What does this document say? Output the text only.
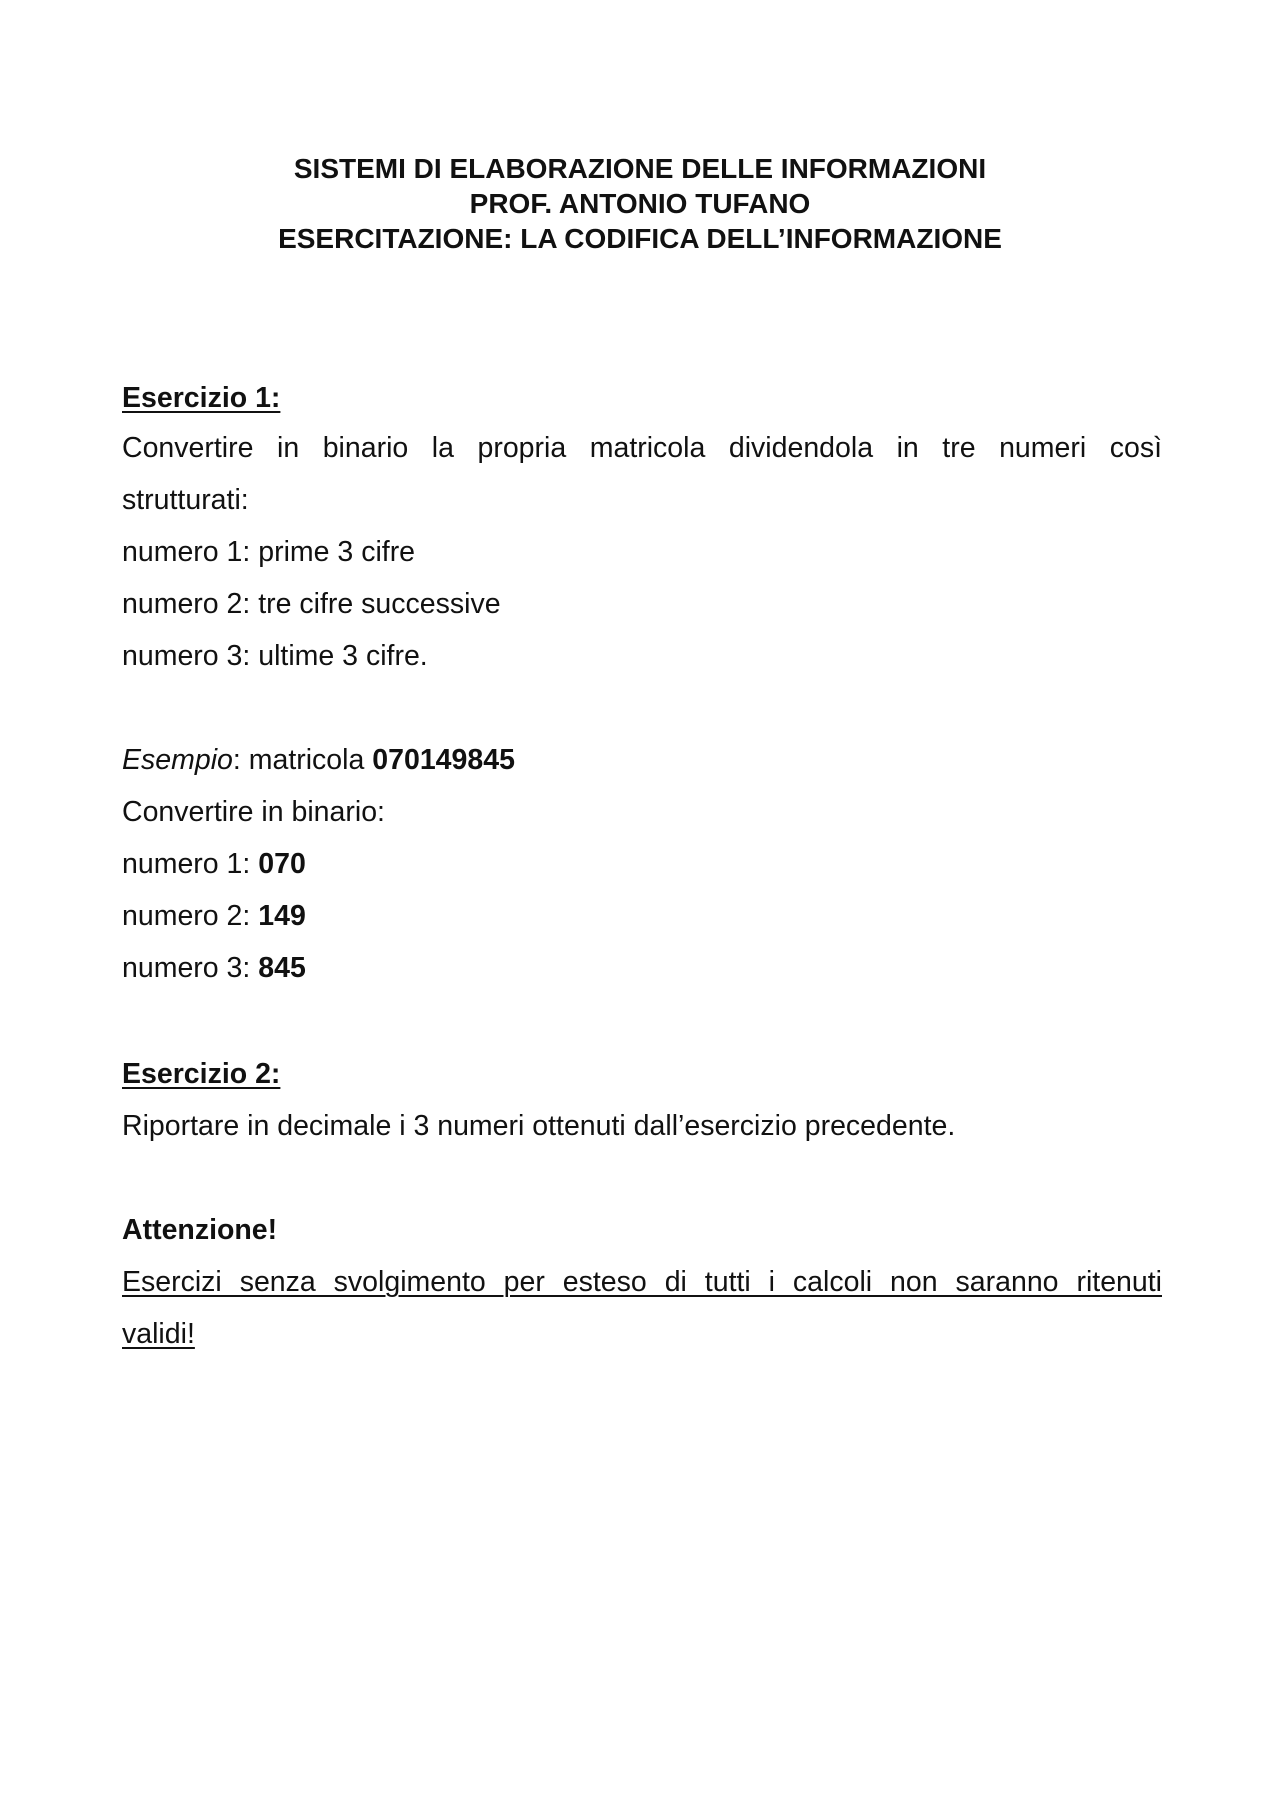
SISTEMI DI ELABORAZIONE DELLE INFORMAZIONI
PROF. ANTONIO TUFANO
ESERCITAZIONE: LA CODIFICA DELL’INFORMAZIONE
Esercizio 1:
Convertire in binario la propria matricola dividendola in tre numeri così
strutturati:
numero 1: prime 3 cifre
numero 2: tre cifre successive
numero 3: ultime 3 cifre.
Esempio: matricola 070149845
Convertire in binario:
numero 1: 070
numero 2: 149
numero 3: 845
Esercizio 2:
Riportare in decimale i 3 numeri ottenuti dall’esercizio precedente.
Attenzione!
Esercizi senza svolgimento per esteso di tutti i calcoli non saranno ritenuti
validi!
